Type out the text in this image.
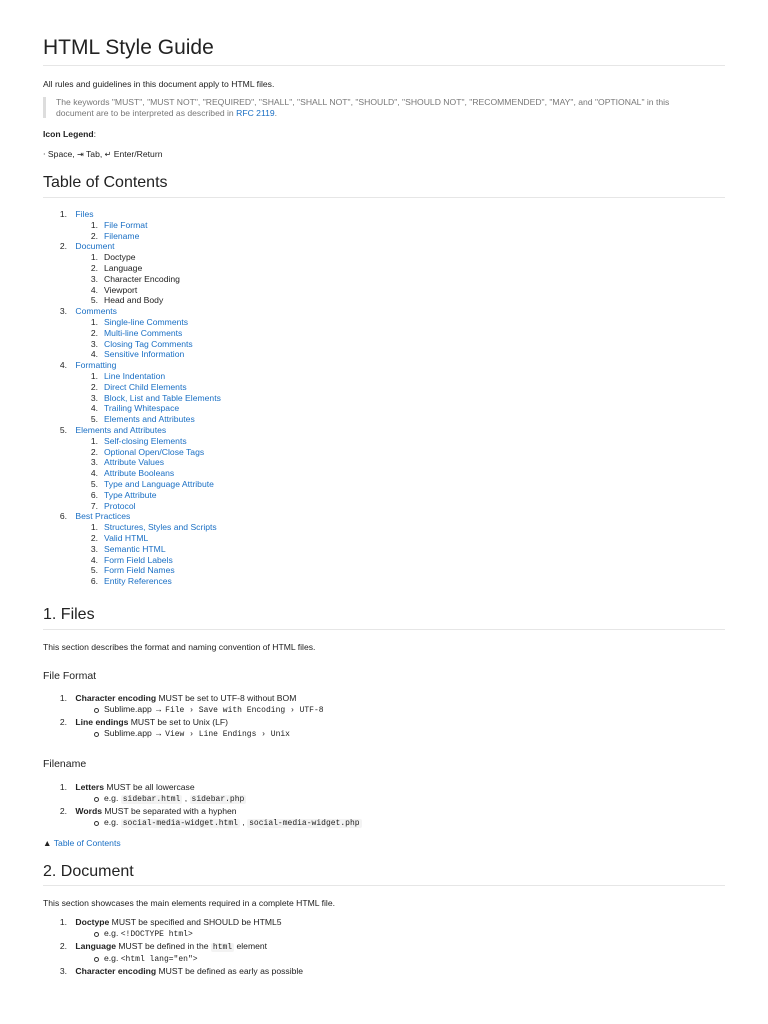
HTML Style Guide
All rules and guidelines in this document apply to HTML files.
The keywords "MUST", "MUST NOT", "REQUIRED", "SHALL", "SHALL NOT", "SHOULD", "SHOULD NOT", "RECOMMENDED", "MAY", and "OPTIONAL" in this document are to be interpreted as described in RFC 2119.
Icon Legend:
· Space, ⇥ Tab, ↵ Enter/Return
Table of Contents
Files
File Format
Filename
Document
Doctype
Language
Character Encoding
Viewport
Head and Body
Comments
Single-line Comments
Multi-line Comments
Closing Tag Comments
Sensitive Information
Formatting
Line Indentation
Direct Child Elements
Block, List and Table Elements
Trailing Whitespace
Elements and Attributes
Elements and Attributes
Self-closing Elements
Optional Open/Close Tags
Attribute Values
Attribute Booleans
Type and Language Attribute
Type Attribute
Protocol
Best Practices
Structures, Styles and Scripts
Valid HTML
Semantic HTML
Form Field Labels
Form Field Names
Entity References
1. Files
This section describes the format and naming convention of HTML files.
File Format
Character encoding MUST be set to UTF-8 without BOM
Sublime.app → File › Save with Encoding › UTF-8
Line endings MUST be set to Unix (LF)
Sublime.app → View › Line Endings › Unix
Filename
Letters MUST be all lowercase
e.g. sidebar.html , sidebar.php
Words MUST be separated with a hyphen
e.g. social-media-widget.html , social-media-widget.php
▲ Table of Contents
2. Document
This section showcases the main elements required in a complete HTML file.
Doctype MUST be specified and SHOULD be HTML5
e.g. <!DOCTYPE html>
Language MUST be defined in the html element
e.g. <html lang="en">
Character encoding MUST be defined as early as possible
